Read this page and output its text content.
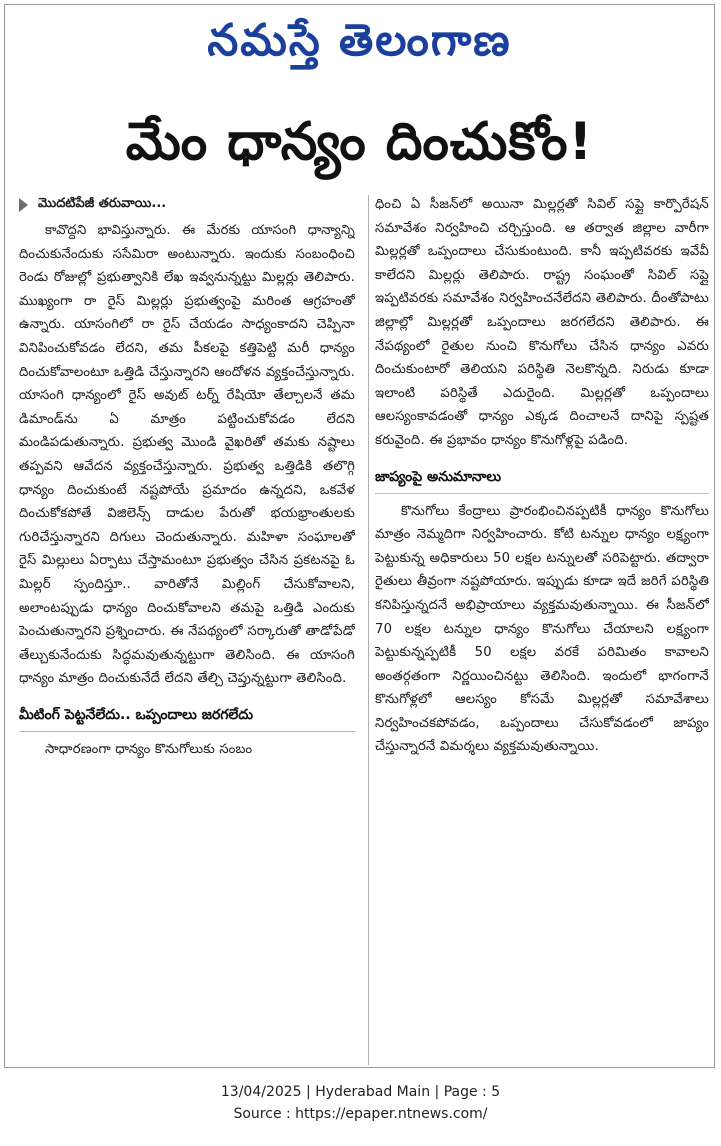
నమస్తే తెలంగాణ
మేం ధాన్యం దించుకోం!
మొదటిపేజీ తరువాయి...

కావొద్దని భావిస్తున్నారు. ఈ మేరకు యాసంగి ధాన్యాన్ని దించుకునేందుకు ససేమిరా అంటున్నారు. ఇందుకు సంబంధించి రెండు రోజుల్లో ప్రభుత్వానికి లేఖ ఇవ్వనున్నట్టు మిల్లర్లు తెలిపారు. ముఖ్యంగా రా రైస్‌ మిల్లర్లు ప్రభుత్వంపై మరింత ఆగ్రహంతో ఉన్నారు. యాసంగిలో రా రైస్‌ చేయడం సాధ్యంకాదని చెప్పినా వినిపించుకోవడం లేదని, తమ పీకలపై కత్తిపెట్టి మరీ ధాన్యం దించుకోవాలంటూ ఒత్తిడి చేస్తున్నారని ఆందోళన వ్యక్తంచేస్తున్నారు. యాసంగి ధాన్యంలో రైస్‌ అవుట్‌ టర్న్‌ రేషియో తేల్చాలనే తమ డిమాండ్‌ను ఏ మాత్రం పట్టించుకోవడం లేదని మండిపడుతున్నారు. ప్రభుత్వ మొండి వైఖరితో తమకు నష్టాలు తప్పవని ఆవేదన వ్యక్తంచేస్తున్నారు. ప్రభుత్వ ఒత్తిడికి తలొగ్గి ధాన్యం దించుకుంటే నష్టపోయే ప్రమాదం ఉన్నదని, ఒకవేళ దించుకోకపోతే విజిలెన్స్‌ దాడుల పేరుతో భయభ్రాంతులకు గురిచేస్తున్నారని దిగులు చెందుతున్నారు. మహిళా సంఘాలతో రైస్‌ మిల్లులు ఏర్పాటు చేస్తామంటూ ప్రభుత్వం చేసిన ప్రకటనపై ఓ మిల్లర్‌ స్పందిస్తూ.. వారితోనే మిల్లింగ్‌ చేసుకోవాలని, అలాంటప్పుడు ధాన్యం దించుకోవాలని తమపై ఒత్తిడి ఎందుకు పెంచుతున్నారని ప్రశ్నించారు. ఈ నేపథ్యంలో సర్కారుతో తాడోపేడో తేల్చుకునేందుకు సిద్ధమవుతున్నట్టుగా తెలిసింది. ఈ యాసంగి ధాన్యం మాత్రం దించుకునేదే లేదని తేల్చి చెప్తున్నట్టుగా తెలిసింది.

మీటింగ్‌ పెట్టనేలేదు.. ఒప్పందాలు జరగలేదు

సాధారణంగా ధాన్యం కొనుగోలుకు సంబం

ధించి ఏ సీజన్‌లో అయినా మిల్లర్లతో సివిల్‌ సప్లై కార్పొరేషన్‌ సమావేశం నిర్వహించి చర్చిస్తుంది. ఆ తర్వాత జిల్లాల వారీగా మిల్లర్లతో ఒప్పందాలు చేసుకుంటుంది. కానీ ఇప్పటివరకు ఇవేవీ కాలేదని మిల్లర్లు తెలిపారు. రాష్ట్ర సంఘంతో సివిల్‌ సప్లై ఇప్పటివరకు సమావేశం నిర్వహించనేలేదని తెలిపారు. దీంతోపాటు జిల్లాల్లో మిల్లర్లతో ఒప్పందాలు జరగలేదని తెలిపారు. ఈ నేపథ్యంలో రైతుల నుంచి కొనుగోలు చేసిన ధాన్యం ఎవరు దించుకుంటారో తెలియని పరిస్థితి నెలకొన్నది. నిరుడు కూడా ఇలాంటి పరిస్థితే ఎదురైంది. మిల్లర్లతో ఒప్పందాలు ఆలస్యంకావడంతో ధాన్యం ఎక్కడ దించాలనే దానిపై స్పష్టత కరువైంది. ఈ ప్రభావం ధాన్యం కొనుగోళ్లపై పడింది.

జాప్యంపై అనుమానాలు

కొనుగోలు కేంద్రాలు ప్రారంభించినప్పటికీ ధాన్యం కొనుగోలు మాత్రం నెమ్మదిగా నిర్వహించారు. కోటి టన్నుల ధాన్యం లక్ష్యంగా పెట్టుకున్న అధికారులు 50 లక్షల టన్నులతో సరిపెట్టారు. తద్వారా రైతులు తీవ్రంగా నష్టపోయారు. ఇప్పుడు కూడా ఇదే జరిగే పరిస్థితి కనిపిస్తున్నదనే అభిప్రాయాలు వ్యక్తమవుతున్నాయి. ఈ సీజన్‌లో 70 లక్షల టన్నుల ధాన్యం కొనుగోలు చేయాలని లక్ష్యంగా పెట్టుకున్నప్పటికీ 50 లక్షల వరకే పరిమితం కావాలని అంతర్గతంగా నిర్ణయించినట్టు తెలిసింది. ఇందులో భాగంగానే కొనుగోళ్లలో ఆలస్యం కోసమే మిల్లర్లతో సమావేశాలు నిర్వహించకపోవడం, ఒప్పందాలు చేసుకోవడంలో జాప్యం చేస్తున్నారనే విమర్శలు వ్యక్తమవుతున్నాయి.

13/04/2025 | Hyderabad Main | Page : 5
Source : https://epaper.ntnews.com/
